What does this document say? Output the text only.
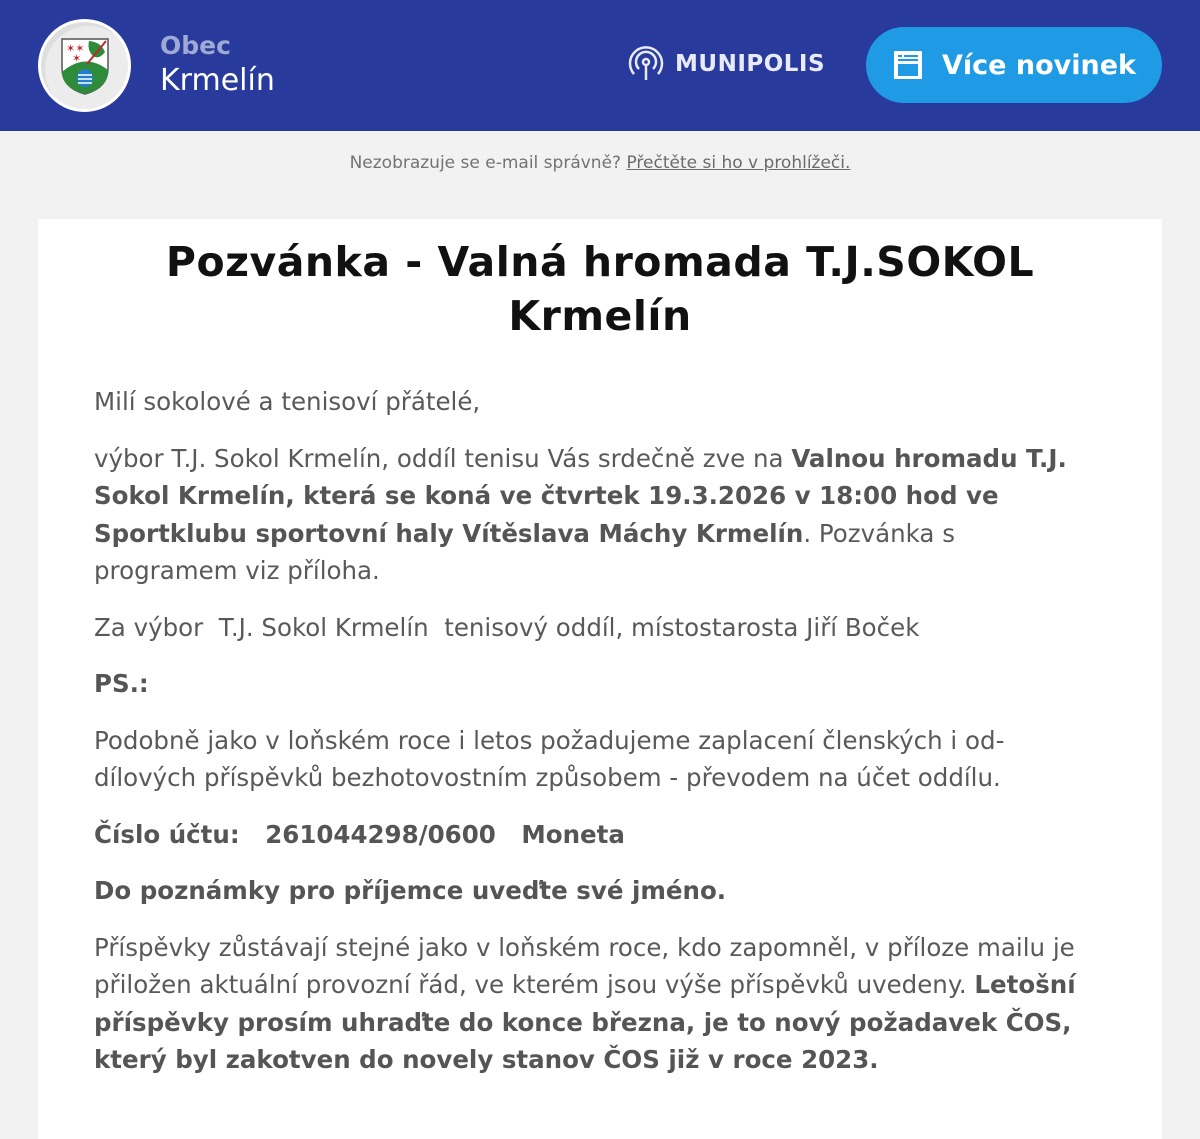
✶✶
✶	Obec
Krmelín	MUNIPOLIS	Více novinek
Nezobrazuje se e-mail správně? Přečtěte si ho v prohlížeči.
Pozvánka - Valná hromada T.J.SOKOL Krmelín

Milí sokolové a tenisoví přátelé,

výbor T.J. Sokol Krmelín, oddíl tenisu Vás srdečně zve na Valnou hromadu T.J. Sokol Krmelín, která se koná ve čtvrtek 19.3.2026 v 18:00 hod ve Sportklubu sportovní haly Vítěslava Máchy Krmelín. Pozvánka s programem viz příloha.

Za výbor  T.J. Sokol Krmelín  tenisový oddíl, místostarosta Jiří Boček

PS.:

Podobně jako v loňském roce i letos požadujeme zaplacení členských i od-dílových příspěvků bezhotovostním způsobem - převodem na účet oddílu.

Číslo účtu:   261044298/0600   Moneta

Do poznámky pro příjemce uveďte své jméno.

Příspěvky zůstávají stejné jako v loňském roce, kdo zapomněl, v příloze mailu je přiložen aktuální provozní řád, ve kterém jsou výše příspěvků uvedeny. Letošní příspěvky prosím uhraďte do konce března, je to nový požadavek ČOS, který byl zakotven do novely stanov ČOS již v roce 2023.
